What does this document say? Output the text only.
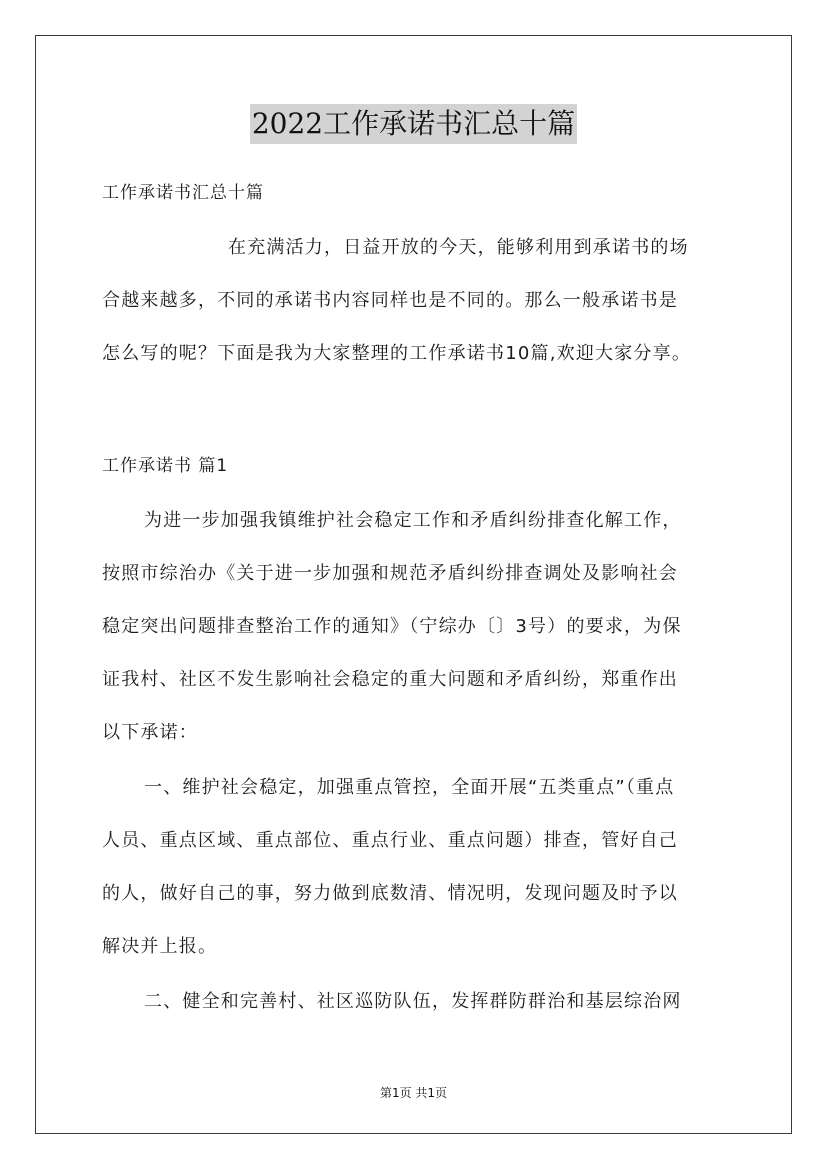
2022工作承诺书汇总十篇
工作承诺书汇总十篇
在充满活力，日益开放的今天，能够利用到承诺书的场
合越来越多，不同的承诺书内容同样也是不同的。那么一般承诺书是
怎么写的呢？下面是我为大家整理的工作承诺书10篇,欢迎大家分享。
工作承诺书 篇1
为进一步加强我镇维护社会稳定工作和矛盾纠纷排查化解工作，
按照市综治办《关于进一步加强和规范矛盾纠纷排查调处及影响社会
稳定突出问题排查整治工作的通知》（宁综办〔〕3号）的要求，为保
证我村、社区不发生影响社会稳定的重大问题和矛盾纠纷，郑重作出
以下承诺：
一、维护社会稳定，加强重点管控，全面开展“五类重点”（重点
人员、重点区域、重点部位、重点行业、重点问题）排查，管好自己
的人，做好自己的事，努力做到底数清、情况明，发现问题及时予以
解决并上报。
二、健全和完善村、社区巡防队伍，发挥群防群治和基层综治网
第1页 共1页
